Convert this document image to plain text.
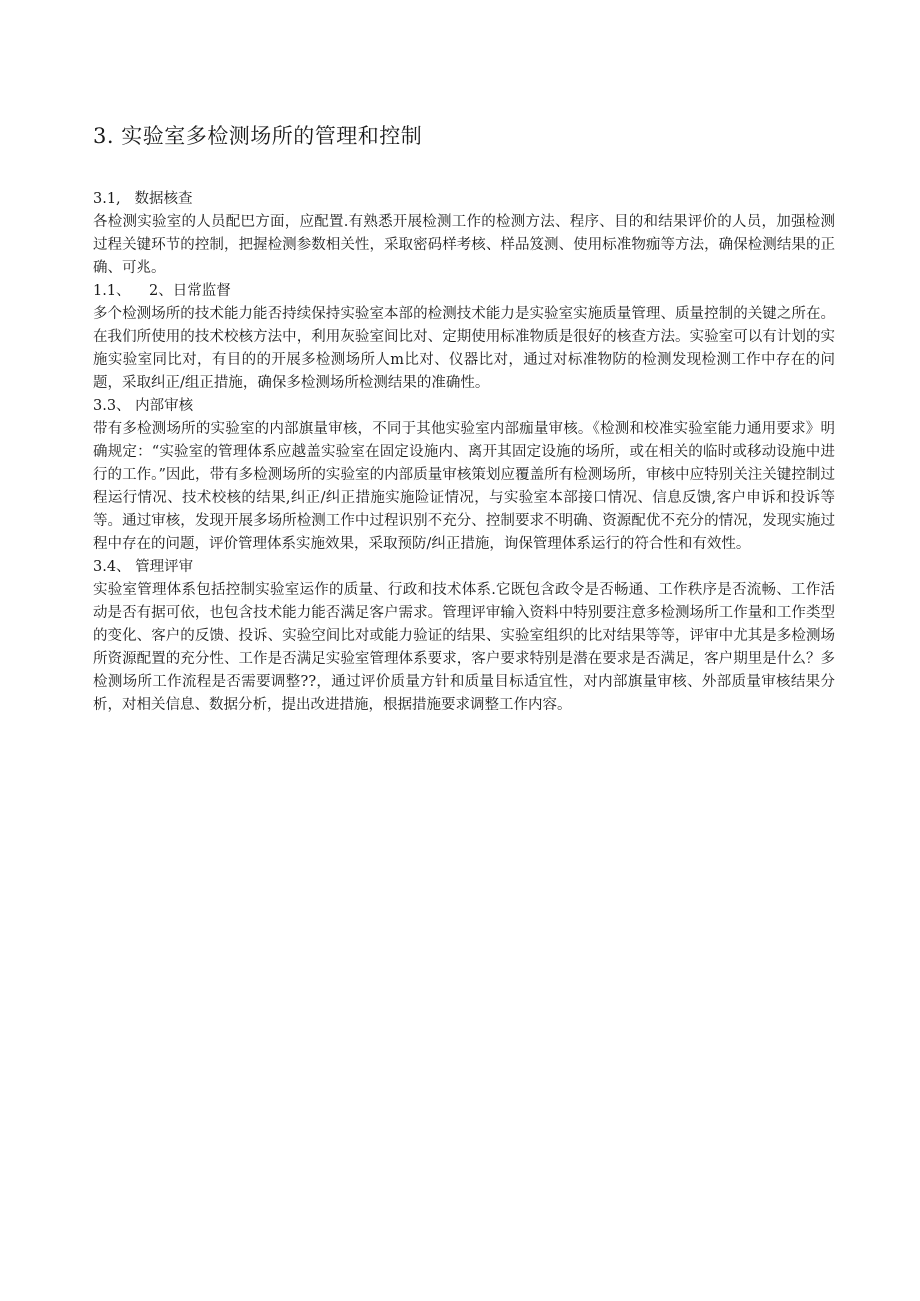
3. 实验室多检测场所的管理和控制

3.1,   数据核查

各检测实验室的人员配巴方面，应配置.有熟悉开展检测工作的检测方法、程序、目的和结果评价的人员，加强检测过程关键环节的控制，把握检测参数相关性，采取密码样考核、样品笈测、使用标准物痂等方法，确保检测结果的正确、可兆。

1.1、    2、日常监督

多个检测场所的技术能力能否持续保持实验室本部的检测技术能力是实验室实施质量管理、质量控制的关键之所在。在我们所使用的技术校核方法中，利用灰验室间比对、定期使用标准物质是很好的核查方法。实验室可以有计划的实施实验室同比对，有目的的开展多检测场所人m比对、仪器比对，通过对标准物防的检测发现检测工作中存在的问题，采取纠正/组正措施，确保多检测场所检测结果的准确性。

3.3、 内部审核

带有多检测场所的实验室的内部旗量审核，不同于其他实验室内部痂量审核。《检测和校准实验室能力通用要求》明确规定：“实验室的管理体系应越盖实验室在固定设施内、离开其固定设施的场所，或在相关的临时或移动设施中进行的工作。”因此，带有多检测场所的实验室的内部质量审核策划应覆盖所有检测场所，审核中应特别关注关键控制过程运行情况、技术校核的结果,纠正/纠正措施实施险证情况，与实验室本部接口情况、信息反馈,客户申诉和投诉等等。通过审核，发现开展多场所检测工作中过程识别不充分、控制要求不明确、资源配优不充分的情况，发现实施过程中存在的问题，评价管理体系实施效果，采取预防/纠正措施，询保管理体系运行的符合性和有效性。

3.4、 管理评审

实验室管理体系包括控制实验室运作的质量、行政和技术体系.它既包含政令是否畅通、工作秩序是否流畅、工作活动是否有据可依，也包含技术能力能否满足客户需求。管理评审输入资料中特别要注意多检测场所工作量和工作类型的变化、客户的反馈、投诉、实验空间比对或能力验证的结果、实验室组织的比对结果等等，评审中尤其是多检测场所资源配置的充分性、工作是否满足实验室管理体系要求，客户要求特别是潜在要求是否满足，客户期里是什么？多检测场所工作流程是否需要调整??，通过评价质量方针和质量目标适宜性，对内部旗量审核、外部质量审核结果分析，对相关信息、数据分析，提出改进措施，根据措施要求调整工作内容。
